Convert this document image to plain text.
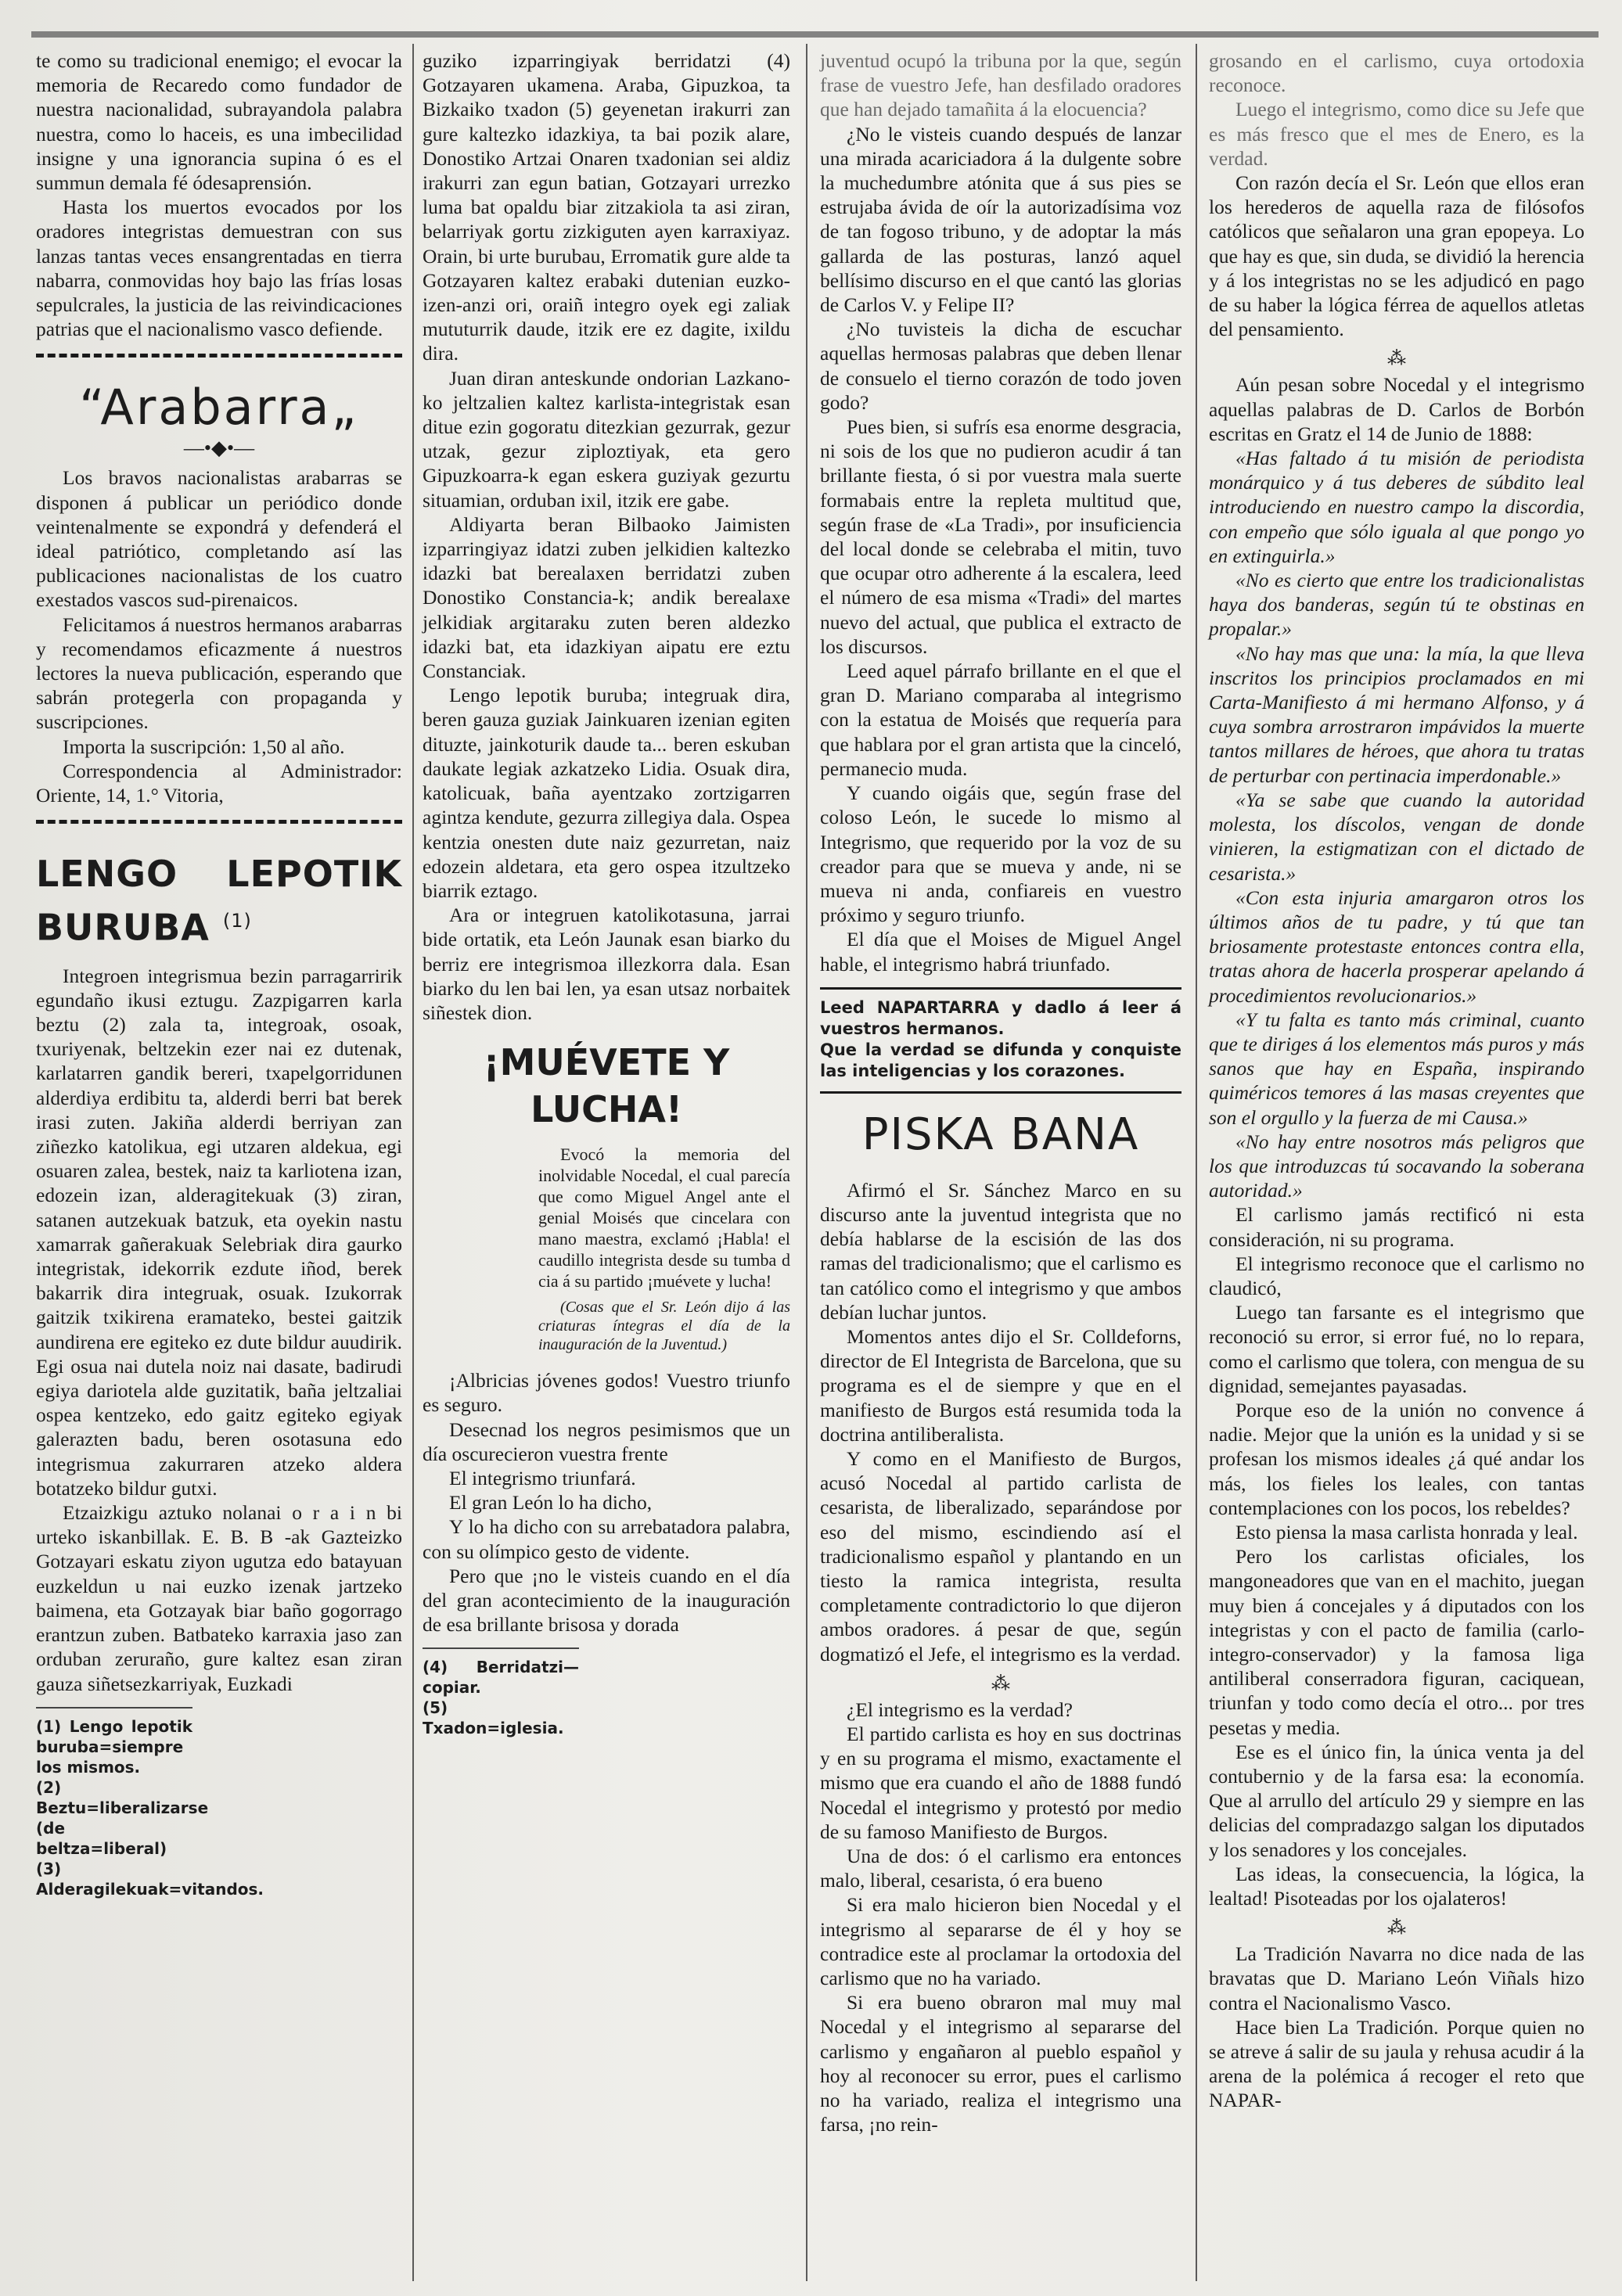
te como su tradicional enemigo; el evocar la memoria de Recaredo como fundador de nuestra nacionalidad, subrayandola palabra nuestra, como lo haceis, es una imbecilidad insigne y una ignorancia supina ó es el summun demala fé ódesaprensión.

Hasta los muertos evocados por los oradores integristas demuestran con sus lanzas tantas veces ensangrentadas en tierra nabarra, conmovidas hoy bajo las frías losas sepulcrales, la justicia de las reivindicaciones patrias que el nacionalismo vasco defiende.

“Arabarra„
—•◆•—

Los bravos nacionalistas arabarras se disponen á publicar un periódico donde veintenalmente se expondrá y defenderá el ideal patriótico, completando así las publicaciones nacionalistas de los cuatro exestados vascos sud-pirenaicos.

Felicitamos á nuestros hermanos arabarras y recomendamos eficazmente á nuestros lectores la nueva publicación, esperando que sabrán protegerla con propaganda y suscripciones.

Importa la suscripción: 1,50 al año.

Correspondencia al Administrador: Oriente, 14, 1.° Vitoria,

LENGO LEPOTIK BURUBA $^{(1)}$

Integroen integrismua bezin parragarririk egundaño ikusi eztugu. Zazpigarren karla beztu (2) zala ta, integroak, osoak, txuriyenak, beltzekin ezer nai ez dutenak, karlatarren gandik bereri, txapelgorridunen alderdiya erdibitu ta, alderdi berri bat berek irasi zuten. Jakiña alderdi berriyan zan ziñezko katolikua, egi utzaren aldekua, egi osuaren zalea, bestek, naiz ta karliotena izan, edozein izan, alderagitekuak (3) ziran, satanen autzekuak batzuk, eta oyekin nastu xamarrak gañerakuak Selebriak dira gaurko integristak, idekorrik ezdute iñod, berek bakarrik dira integruak, osuak. Izukorrak gaitzik txikirena eramateko, bestei gaitzik aundirena ere egiteko ez dute bildur auudirik. Egi osua nai dutela noiz nai dasate, badirudi egiya dariotela alde guzitatik, baña jeltzaliai ospea kentzeko, edo gaitz egiteko egiyak galerazten badu, beren osotasuna edo integrismua zakurraren atzeko aldera botatzeko bildur gutxi.

Etzaizkigu aztuko nolanai o r a i n bi urteko iskanbillak. E. B. B -ak Gazteizko Gotzayari eskatu ziyon ugutza edo batayuan euzkeldun u nai euzko izenak jartzeko baimena, eta Gotzayak biar baño gogorrago erantzun zuben. Batbateko karraxia jaso zan orduban zeruraño, gure kaltez esan ziran gauza siñetsezkarriyak, Euzkadi

(1) Lengo lepotik buruba=siempre los mismos.
(2) Beztu=liberalizarse (de beltza=liberal)
(3) Alderagilekuak=vitandos.

guziko izparringiyak berridatzi (4) Gotzayaren ukamena. Araba, Gipuzkoa, ta Bizkaiko txadon (5) geyenetan irakurri zan gure kaltezko idazkiya, ta bai pozik alare, Donostiko Artzai Onaren txadonian sei aldiz irakurri zan egun batian, Gotzayari urrezko luma bat opaldu biar zitzakiola ta asi ziran, belarriyak gortu zizkiguten ayen karraxiyaz. Orain, bi urte burubau, Erromatik gure alde ta Gotzayaren kaltez erabaki dutenian euzko-izen-anzi ori, oraiñ integro oyek egi zaliak mututurrik daude, itzik ere ez dagite, ixildu dira.

Juan diran anteskunde ondorian Lazkano-ko jeltzalien kaltez karlista-integristak esan ditue ezin gogoratu ditezkian gezurrak, gezur utzak, gezur ziploztiyak, eta gero Gipuzkoarra-k egan eskera guziyak gezurtu situamian, orduban ixil, itzik ere gabe.

Aldiyarta beran Bilbaoko Jaimisten izparringiyaz idatzi zuben jelkidien kaltezko idazki bat berealaxen berridatzi zuben Donostiko Constancia-k; andik berealaxe jelkidiak argitaraku zuten beren aldezko idazki bat, eta idazkiyan aipatu ere eztu Constanciak.

Lengo lepotik buruba; integruak dira, beren gauza guziak Jainkuaren izenian egiten dituzte, jainkoturik daude ta... beren eskuban daukate legiak azkatzeko Lidia. Osuak dira, katolicuak, baña ayentzako zortzigarren agintza kendute, gezurra zillegiya dala. Ospea kentzia onesten dute naiz gezurretan, naiz edozein aldetara, eta gero ospea itzultzeko biarrik eztago.

Ara or integruen katolikotasuna, jarrai bide ortatik, eta León Jaunak esan biarko du berriz ere integrismoa illezkorra dala. Esan biarko du len bai len, ya esan utsaz norbaitek siñestek dion.

¡MUÉVETE Y LUCHA!

Evocó la memoria del inolvidable Nocedal, el cual parecía que como Miguel Angel ante el genial Moisés que cincelara con mano maestra, exclamó ¡Habla! el caudillo integrista desde su tumba d cia á su partido ¡muévete y lucha!

(Cosas que el Sr. León dijo á las criaturas íntegras el día de la inauguración de la Juventud.)

¡Albricias jóvenes godos! Vuestro triunfo es seguro.

Desecnad los negros pesimismos que un día oscurecieron vuestra frente

El integrismo triunfará.

El gran León lo ha dicho,

Y lo ha dicho con su arrebatadora palabra, con su olímpico gesto de vidente.

Pero que ¡no le visteis cuando en el día del gran acontecimiento de la inauguración de esa brillante brisosa y dorada

(4) Berridatzi—copiar.
(5) Txadon=iglesia.

juventud ocupó la tribuna por la que, según frase de vuestro Jefe, han desfilado oradores que han dejado tamañita á la elocuencia?

¿No le visteis cuando después de lanzar una mirada acariciadora á la dulgente sobre la muchedumbre atónita que á sus pies se estrujaba ávida de oír la autorizadísima voz de tan fogoso tribuno, y de adoptar la más gallarda de las posturas, lanzó aquel bellísimo discurso en el que cantó las glorias de Carlos V. y Felipe II?

¿No tuvisteis la dicha de escuchar aquellas hermosas palabras que deben llenar de consuelo el tierno corazón de todo joven godo?

Pues bien, si sufrís esa enorme desgracia, ni sois de los que no pudieron acudir á tan brillante fiesta, ó si por vuestra mala suerte formabais entre la repleta multitud que, según frase de «La Tradi», por insuficiencia del local donde se celebraba el mitin, tuvo que ocupar otro adherente á la escalera, leed el número de esa misma «Tradi» del martes nuevo del actual, que publica el extracto de los discursos.

Leed aquel párrafo brillante en el que el gran D. Mariano comparaba al integrismo con la estatua de Moisés que requería para que hablara por el gran artista que la cinceló, permanecio muda.

Y cuando oigáis que, según frase del coloso León, le sucede lo mismo al Integrismo, que requerido por la voz de su creador para que se mueva y ande, ni se mueva ni anda, confiareis en vuestro próximo y seguro triunfo.

El día que el Moises de Miguel Angel hable, el integrismo habrá triunfado.

Leed NAPARTARRA y dadlo á leer á vuestros hermanos.

Que la verdad se difunda y conquiste las inteligencias y los corazones.

PISKA BANA

Afirmó el Sr. Sánchez Marco en su discurso ante la juventud integrista que no debía hablarse de la escisión de las dos ramas del tradicionalismo; que el carlismo es tan católico como el integrismo y que ambos debían luchar juntos.

Momentos antes dijo el Sr. Colldeforns, director de El Integrista de Barcelona, que su programa es el de siempre y que en el manifiesto de Burgos está resumida toda la doctrina antiliberalista.

Y como en el Manifiesto de Burgos, acusó Nocedal al partido carlista de cesarista, de liberalizado, separándose por eso del mismo, escindiendo así el tradicionalismo español y plantando en un tiesto la ramica integrista, resulta completamente contradictorio lo que dijeron ambos oradores. á pesar de que, según dogmatizó el Jefe, el integrismo es la verdad.

⁂

¿El integrismo es la verdad?

El partido carlista es hoy en sus doctrinas y en su programa el mismo, exactamente el mismo que era cuando el año de 1888 fundó Nocedal el integrismo y protestó por medio de su famoso Manifiesto de Burgos.

Una de dos: ó el carlismo era entonces malo, liberal, cesarista, ó era bueno

Si era malo hicieron bien Nocedal y el integrismo al separarse de él y hoy se contradice este al proclamar la ortodoxia del carlismo que no ha variado.

Si era bueno obraron mal muy mal Nocedal y el integrismo al separarse del carlismo y engañaron al pueblo español y hoy al reconocer su error, pues el carlismo no ha variado, realiza el integrismo una farsa, ¡no rein-

grosando en el carlismo, cuya ortodoxia reconoce.

Luego el integrismo, como dice su Jefe que es más fresco que el mes de Enero, es la verdad.

Con razón decía el Sr. León que ellos eran los herederos de aquella raza de filósofos católicos que señalaron una gran epopeya. Lo que hay es que, sin duda, se dividió la herencia y á los integristas no se les adjudicó en pago de su haber la lógica férrea de aquellos atletas del pensamiento.

⁂

Aún pesan sobre Nocedal y el integrismo aquellas palabras de D. Carlos de Borbón escritas en Gratz el 14 de Junio de 1888:

«Has faltado á tu misión de periodista monárquico y á tus deberes de súbdito leal introduciendo en nuestro campo la discordia, con empeño que sólo iguala al que pongo yo en extinguirla.»

«No es cierto que entre los tradicionalistas haya dos banderas, según tú te obstinas en propalar.»

«No hay mas que una: la mía, la que lleva inscritos los principios proclamados en mi Carta-Manifiesto á mi hermano Alfonso, y á cuya sombra arrostraron impávidos la muerte tantos millares de héroes, que ahora tu tratas de perturbar con pertinacia imperdonable.»

«Ya se sabe que cuando la autoridad molesta, los díscolos, vengan de donde vinieren, la estigmatizan con el dictado de cesarista.»

«Con esta injuria amargaron otros los últimos años de tu padre, y tú que tan briosamente protestaste entonces contra ella, tratas ahora de hacerla prosperar apelando á procedimientos revolucionarios.»

«Y tu falta es tanto más criminal, cuanto que te diriges á los elementos más puros y más sanos que hay en España, inspirando quiméricos temores á las masas creyentes que son el orgullo y la fuerza de mi Causa.»

«No hay entre nosotros más peligros que los que introduzcas tú socavando la soberana autoridad.»

El carlismo jamás rectificó ni esta consideración, ni su programa.

El integrismo reconoce que el carlismo no claudicó,

Luego tan farsante es el integrismo que reconoció su error, si error fué, no lo repara, como el carlismo que tolera, con mengua de su dignidad, semejantes payasadas.

Porque eso de la unión no convence á nadie. Mejor que la unión es la unidad y si se profesan los mismos ideales ¿á qué andar los más, los fieles los leales, con tantas contemplaciones con los pocos, los rebeldes?

Esto piensa la masa carlista honrada y leal.

Pero los carlistas oficiales, los mangoneadores que van en el machito, juegan muy bien á concejales y á diputados con los integristas y con el pacto de familia (carlo-integro-conservador) y la famosa liga antiliberal conserradora figuran, caciquean, triunfan y todo como decía el otro... por tres pesetas y media.

Ese es el único fin, la única venta ja del contubernio y de la farsa esa: la economía. Que al arrullo del artículo 29 y siempre en las delicias del compradazgo salgan los diputados y los senadores y los concejales.

Las ideas, la consecuencia, la lógica, la lealtad! Pisoteadas por los ojalateros!

⁂

La Tradición Navarra no dice nada de las bravatas que D. Mariano León Viñals hizo contra el Nacionalismo Vasco.

Hace bien La Tradición. Porque quien no se atreve á salir de su jaula y rehusa acudir á la arena de la polémica á recoger el reto que NAPAR-
